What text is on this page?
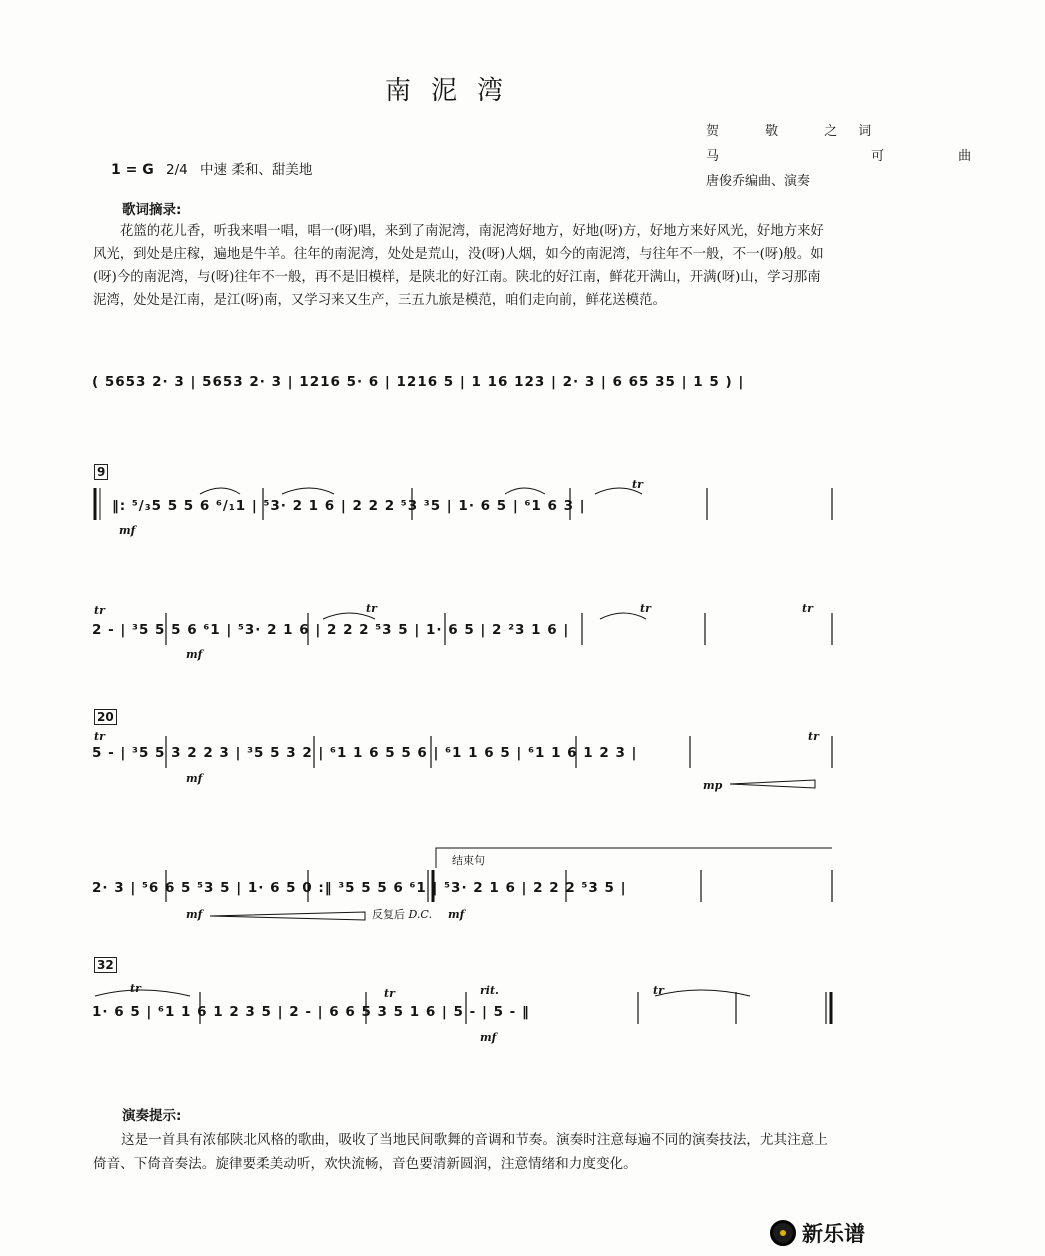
南泥湾
贺 敬 之词
马 可曲
唐俊乔编曲、演奏
1 = G 2/4 中速 柔和、甜美地
歌词摘录:

花篮的花儿香，听我来唱一唱，唱一(呀)唱，来到了南泥湾，南泥湾好地方，好地(呀)方，好地方来好风光，好地方来好风光，到处是庄稼，遍地是牛羊。往年的南泥湾，处处是荒山，没(呀)人烟，如今的南泥湾，与往年不一般，不一(呀)般。如(呀)今的南泥湾，与(呀)往年不一般，再不是旧模样，是陕北的好江南。陕北的好江南，鲜花开满山，开满(呀)山，学习那南泥湾，处处是江南，是江(呀)南，又学习来又生产，三五九旅是模范，咱们走向前，鲜花送模范。

( 5653 2· 3 | 5653 2· 3 | 1216 5· 6 | 1216 5 | 1 16 123 | 2· 3 | 6 65 35 | 1 5 ) |
9
‖: ⁵/₃5 5 5 6 ⁶/₁1 | ⁵3· 2 1 6 | 2 2 2 ⁵3 ³5 | 1· 6 5 | ⁶1 6 3 |
mf
tr
2 - | ³5 5 5 6 ⁶1 | ⁵3· 2 1 6 | 2 2 2 ⁵3 5 | 1· 6 5 | 2 ²3 1 6 |
mf
tr	tr	tr	tr
20
5 - | ³5 5 3 2 2 3 | ³5 5 3 2 | ⁶1 1 6 5 5 6 | ⁶1 1 6 5 | ⁶1 1 6 1 2 3 |
mf
mp
tr	tr
结束句
2· 3 | ⁵6 6 5 ⁵3 5 | 1· 6 5 0 :‖ ³5 5 5 6 ⁶1 | ⁵3· 2 1 6 | 2 2 2 ⁵3 5 |
mf	反复后 D.C. mf
32
1· 6 5 | ⁶1 1 6 1 2 3 5 | 2 - | 6 6 5 3 5 1 6 | 5 - | 5 - ‖
rit.
mf
tr	tr	tr
演奏提示:

这是一首具有浓郁陕北风格的歌曲，吸收了当地民间歌舞的音调和节奏。演奏时注意每遍不同的演奏技法，尤其注意上倚音、下倚音奏法。旋律要柔美动听，欢快流畅，音色要清新圆润，注意情绪和力度变化。

新乐谱
